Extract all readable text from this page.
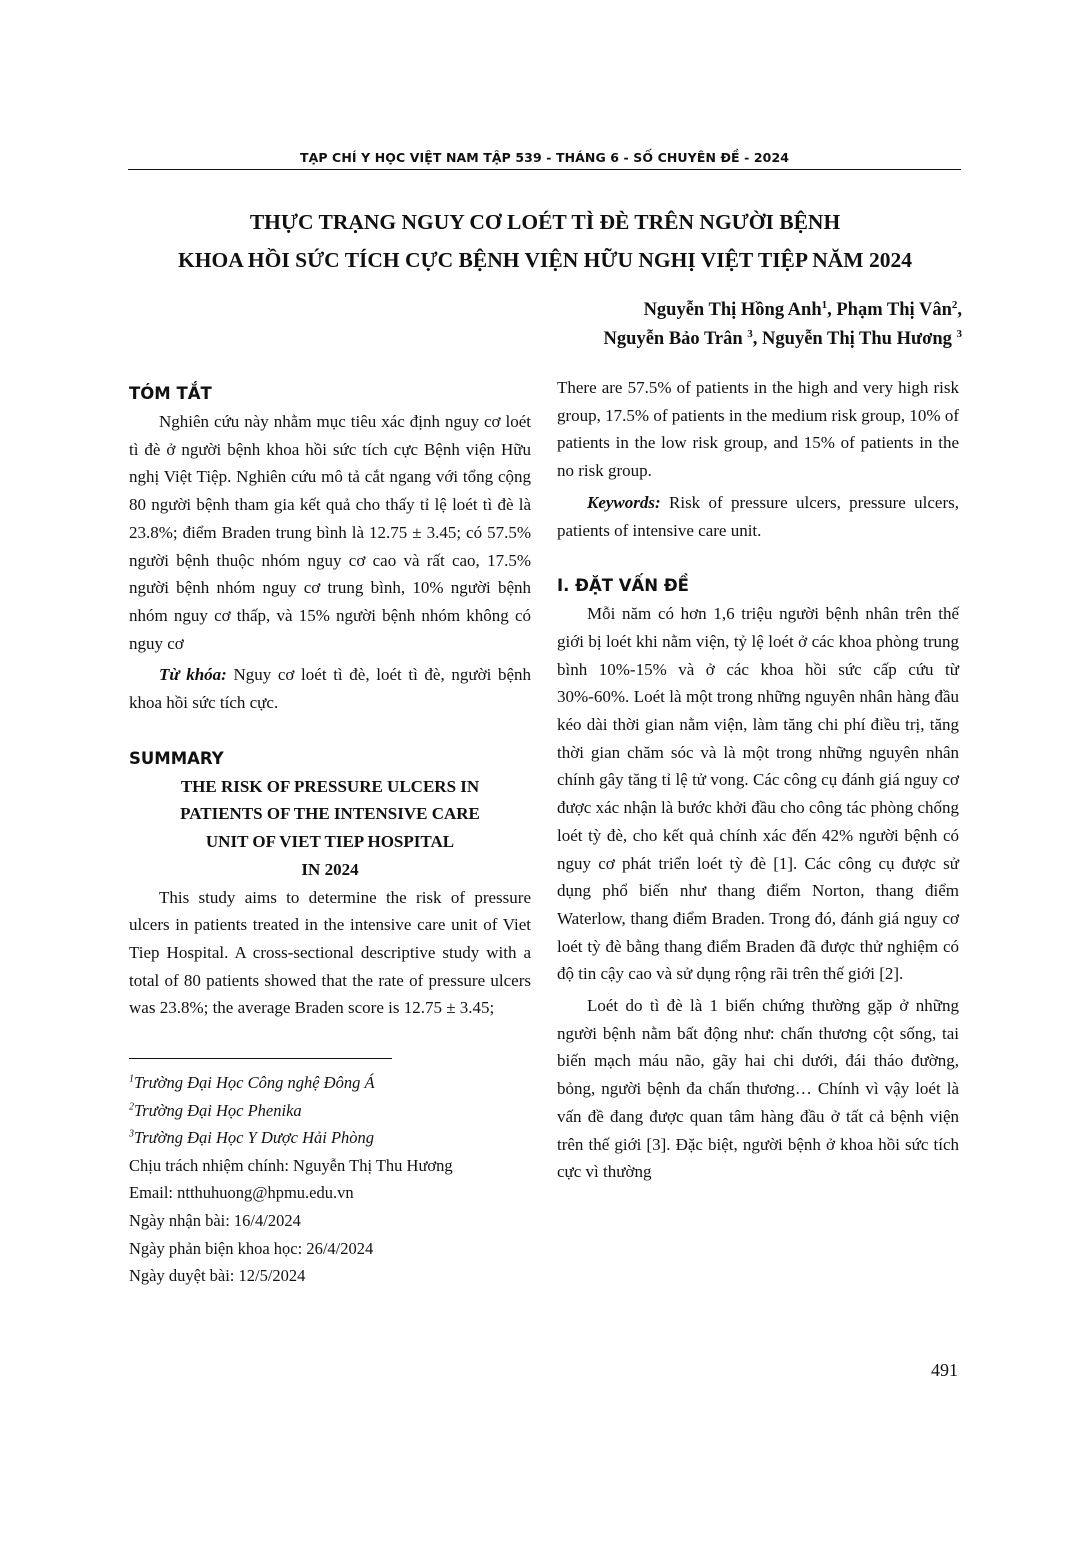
TẠP CHÍ Y HỌC VIỆT NAM TẬP 539 - THÁNG 6 - SỐ CHUYÊN ĐỀ - 2024
THỰC TRẠNG NGUY CƠ LOÉT TÌ ĐÈ TRÊN NGƯỜI BỆNH
KHOA HỒI SỨC TÍCH CỰC BỆNH VIỆN HỮU NGHỊ VIỆT TIỆP NĂM 2024
Nguyễn Thị Hồng Anh$^1$, Phạm Thị Vân$^2$,
Nguyễn Bảo Trân $^3$, Nguyễn Thị Thu Hương $^3$
TÓM TẮT

Nghiên cứu này nhằm mục tiêu xác định nguy cơ loét tì đè ở người bệnh khoa hồi sức tích cực Bệnh viện Hữu nghị Việt Tiệp. Nghiên cứu mô tả cắt ngang với tổng cộng 80 người bệnh tham gia kết quả cho thấy tỉ lệ loét tì đè là 23.8%; điểm Braden trung bình là 12.75 ± 3.45; có 57.5% người bệnh thuộc nhóm nguy cơ cao và rất cao, 17.5% người bệnh nhóm nguy cơ trung bình, 10% người bệnh nhóm nguy cơ thấp, và 15% người bệnh nhóm không có nguy cơ

Từ khóa: Nguy cơ loét tì đè, loét tì đè, người bệnh khoa hồi sức tích cực.

SUMMARY
THE RISK OF PRESSURE ULCERS IN
PATIENTS OF THE INTENSIVE CARE
UNIT OF VIET TIEP HOSPITAL
IN 2024

This study aims to determine the risk of pressure ulcers in patients treated in the intensive care unit of Viet Tiep Hospital. A cross-sectional descriptive study with a total of 80 patients showed that the rate of pressure ulcers was 23.8%; the average Braden score is 12.75 ± 3.45;

$^1$Trường Đại Học Công nghệ Đông Á
$^2$Trường Đại Học Phenika
$^3$Trường Đại Học Y Dược Hải Phòng
Chịu trách nhiệm chính: Nguyễn Thị Thu Hương
Email: ntthuhuong@hpmu.edu.vn
Ngày nhận bài: 16/4/2024
Ngày phản biện khoa học: 26/4/2024
Ngày duyệt bài: 12/5/2024

There are 57.5% of patients in the high and very high risk group, 17.5% of patients in the medium risk group, 10% of patients in the low risk group, and 15% of patients in the no risk group.

Keywords: Risk of pressure ulcers, pressure ulcers, patients of intensive care unit.

I. ĐẶT VẤN ĐỀ

Mỗi năm có hơn 1,6 triệu người bệnh nhân trên thế giới bị loét khi nằm viện, tỷ lệ loét ở các khoa phòng trung bình 10%-15% và ở các khoa hồi sức cấp cứu từ 30%-60%. Loét là một trong những nguyên nhân hàng đầu kéo dài thời gian nằm viện, làm tăng chi phí điều trị, tăng thời gian chăm sóc và là một trong những nguyên nhân chính gây tăng tỉ lệ tử vong. Các công cụ đánh giá nguy cơ được xác nhận là bước khởi đầu cho công tác phòng chống loét tỳ đè, cho kết quả chính xác đến 42% người bệnh có nguy cơ phát triển loét tỳ đè [1]. Các công cụ được sử dụng phổ biến như thang điểm Norton, thang điểm Waterlow, thang điểm Braden. Trong đó, đánh giá nguy cơ loét tỳ đè bằng thang điểm Braden đã được thử nghiệm có độ tin cậy cao và sử dụng rộng rãi trên thế giới [2].

Loét do tì đè là 1 biến chứng thường gặp ở những người bệnh nằm bất động như: chấn thương cột sống, tai biến mạch máu não, gãy hai chi dưới, đái tháo đường, bỏng, người bệnh đa chấn thương… Chính vì vậy loét là vấn đề đang được quan tâm hàng đầu ở tất cả bệnh viện trên thế giới [3]. Đặc biệt, người bệnh ở khoa hồi sức tích cực vì thường

491
